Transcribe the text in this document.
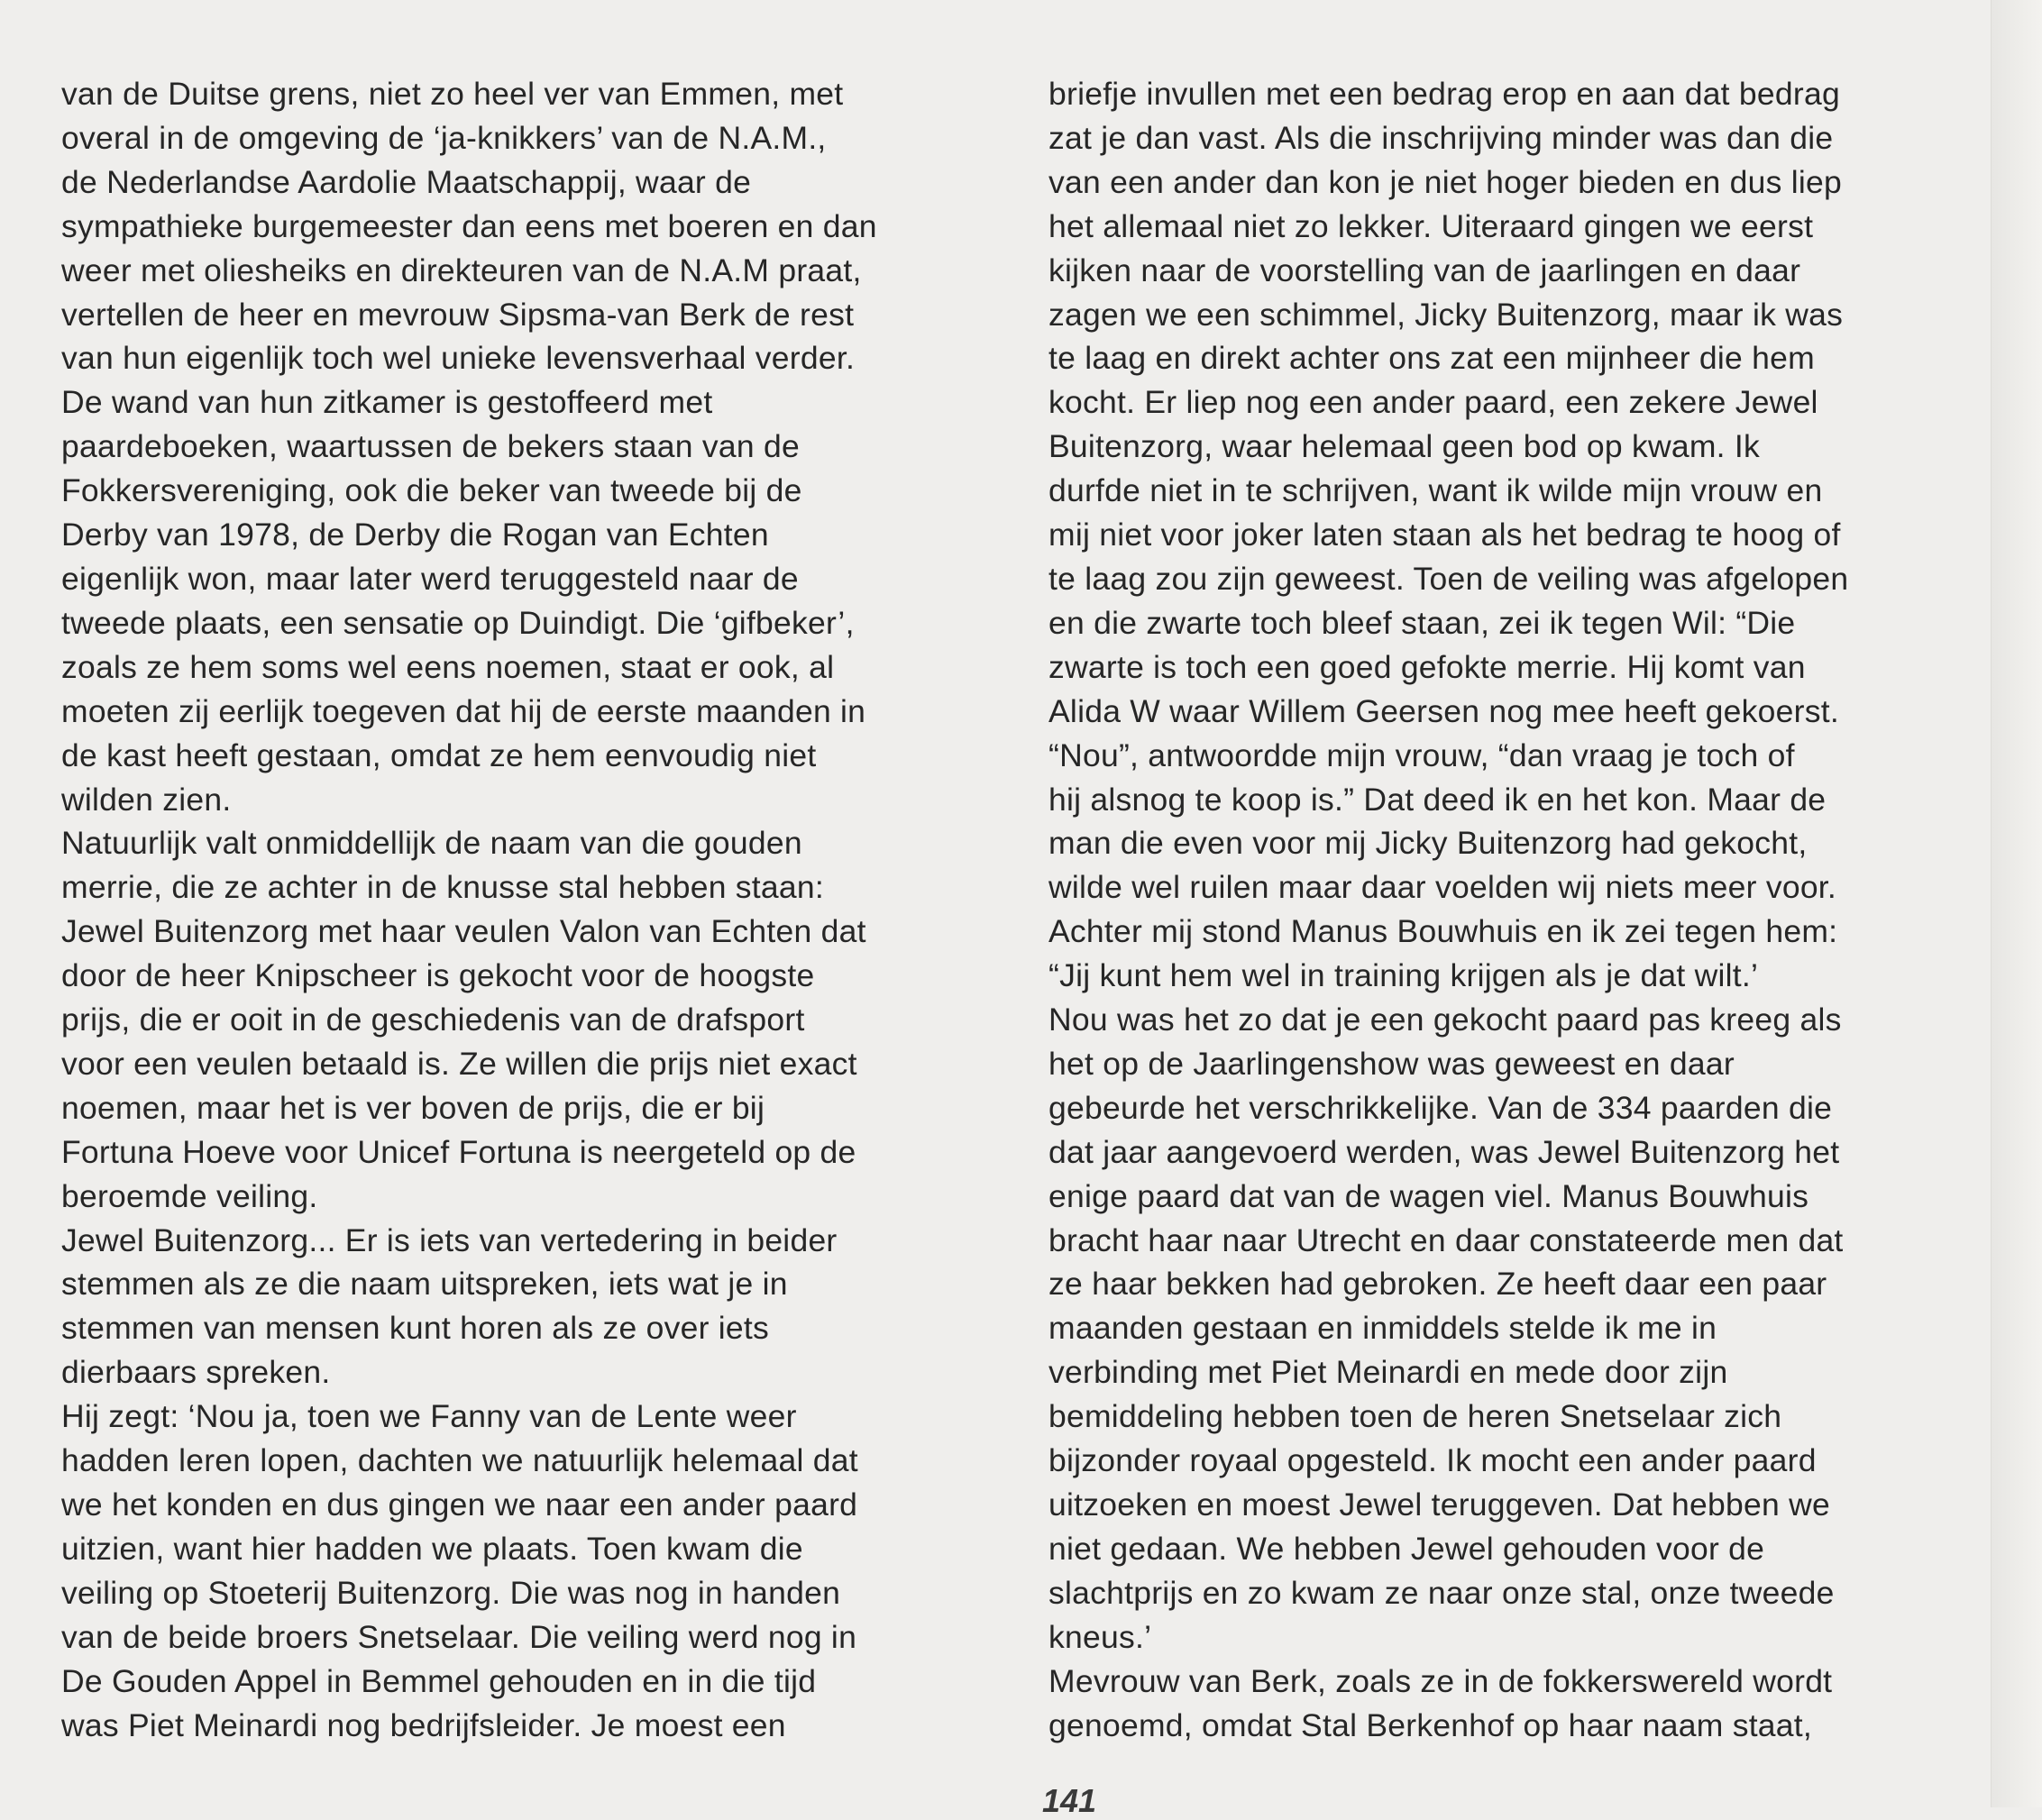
van de Duitse grens, niet zo heel ver van Emmen, met
overal in de omgeving de ‘ja-knikkers’ van de N.A.M.,
de Nederlandse Aardolie Maatschappij, waar de
sympathieke burgemeester dan eens met boeren en dan
weer met oliesheiks en direkteuren van de N.A.M praat,
vertellen de heer en mevrouw Sipsma-van Berk de rest
van hun eigenlijk toch wel unieke levensverhaal verder.
De wand van hun zitkamer is gestoffeerd met
paardeboeken, waartussen de bekers staan van de
Fokkersvereniging, ook die beker van tweede bij de
Derby van 1978, de Derby die Rogan van Echten
eigenlijk won, maar later werd teruggesteld naar de
tweede plaats, een sensatie op Duindigt. Die ‘gifbeker’,
zoals ze hem soms wel eens noemen, staat er ook, al
moeten zij eerlijk toegeven dat hij de eerste maanden in
de kast heeft gestaan, omdat ze hem eenvoudig niet
wilden zien.
Natuurlijk valt onmiddellijk de naam van die gouden
merrie, die ze achter in de knusse stal hebben staan:
Jewel Buitenzorg met haar veulen Valon van Echten dat
door de heer Knipscheer is gekocht voor de hoogste
prijs, die er ooit in de geschiedenis van de drafsport
voor een veulen betaald is. Ze willen die prijs niet exact
noemen, maar het is ver boven de prijs, die er bij
Fortuna Hoeve voor Unicef Fortuna is neergeteld op de
beroemde veiling.
Jewel Buitenzorg... Er is iets van vertedering in beider
stemmen als ze die naam uitspreken, iets wat je in
stemmen van mensen kunt horen als ze over iets
dierbaars spreken.
Hij zegt: ‘Nou ja, toen we Fanny van de Lente weer
hadden leren lopen, dachten we natuurlijk helemaal dat
we het konden en dus gingen we naar een ander paard
uitzien, want hier hadden we plaats. Toen kwam die
veiling op Stoeterij Buitenzorg. Die was nog in handen
van de beide broers Snetselaar. Die veiling werd nog in
De Gouden Appel in Bemmel gehouden en in die tijd
was Piet Meinardi nog bedrijfsleider. Je moest een
briefje invullen met een bedrag erop en aan dat bedrag
zat je dan vast. Als die inschrijving minder was dan die
van een ander dan kon je niet hoger bieden en dus liep
het allemaal niet zo lekker. Uiteraard gingen we eerst
kijken naar de voorstelling van de jaarlingen en daar
zagen we een schimmel, Jicky Buitenzorg, maar ik was
te laag en direkt achter ons zat een mijnheer die hem
kocht. Er liep nog een ander paard, een zekere Jewel
Buitenzorg, waar helemaal geen bod op kwam. Ik
durfde niet in te schrijven, want ik wilde mijn vrouw en
mij niet voor joker laten staan als het bedrag te hoog of
te laag zou zijn geweest. Toen de veiling was afgelopen
en die zwarte toch bleef staan, zei ik tegen Wil: “Die
zwarte is toch een goed gefokte merrie. Hij komt van
Alida W waar Willem Geersen nog mee heeft gekoerst.
“Nou”, antwoordde mijn vrouw, “dan vraag je toch of
hij alsnog te koop is.” Dat deed ik en het kon. Maar de
man die even voor mij Jicky Buitenzorg had gekocht,
wilde wel ruilen maar daar voelden wij niets meer voor.
Achter mij stond Manus Bouwhuis en ik zei tegen hem:
“Jij kunt hem wel in training krijgen als je dat wilt.’
Nou was het zo dat je een gekocht paard pas kreeg als
het op de Jaarlingenshow was geweest en daar
gebeurde het verschrikkelijke. Van de 334 paarden die
dat jaar aangevoerd werden, was Jewel Buitenzorg het
enige paard dat van de wagen viel. Manus Bouwhuis
bracht haar naar Utrecht en daar constateerde men dat
ze haar bekken had gebroken. Ze heeft daar een paar
maanden gestaan en inmiddels stelde ik me in
verbinding met Piet Meinardi en mede door zijn
bemiddeling hebben toen de heren Snetselaar zich
bijzonder royaal opgesteld. Ik mocht een ander paard
uitzoeken en moest Jewel teruggeven. Dat hebben we
niet gedaan. We hebben Jewel gehouden voor de
slachtprijs en zo kwam ze naar onze stal, onze tweede
kneus.’
Mevrouw van Berk, zoals ze in de fokkerswereld wordt
genoemd, omdat Stal Berkenhof op haar naam staat,
141
